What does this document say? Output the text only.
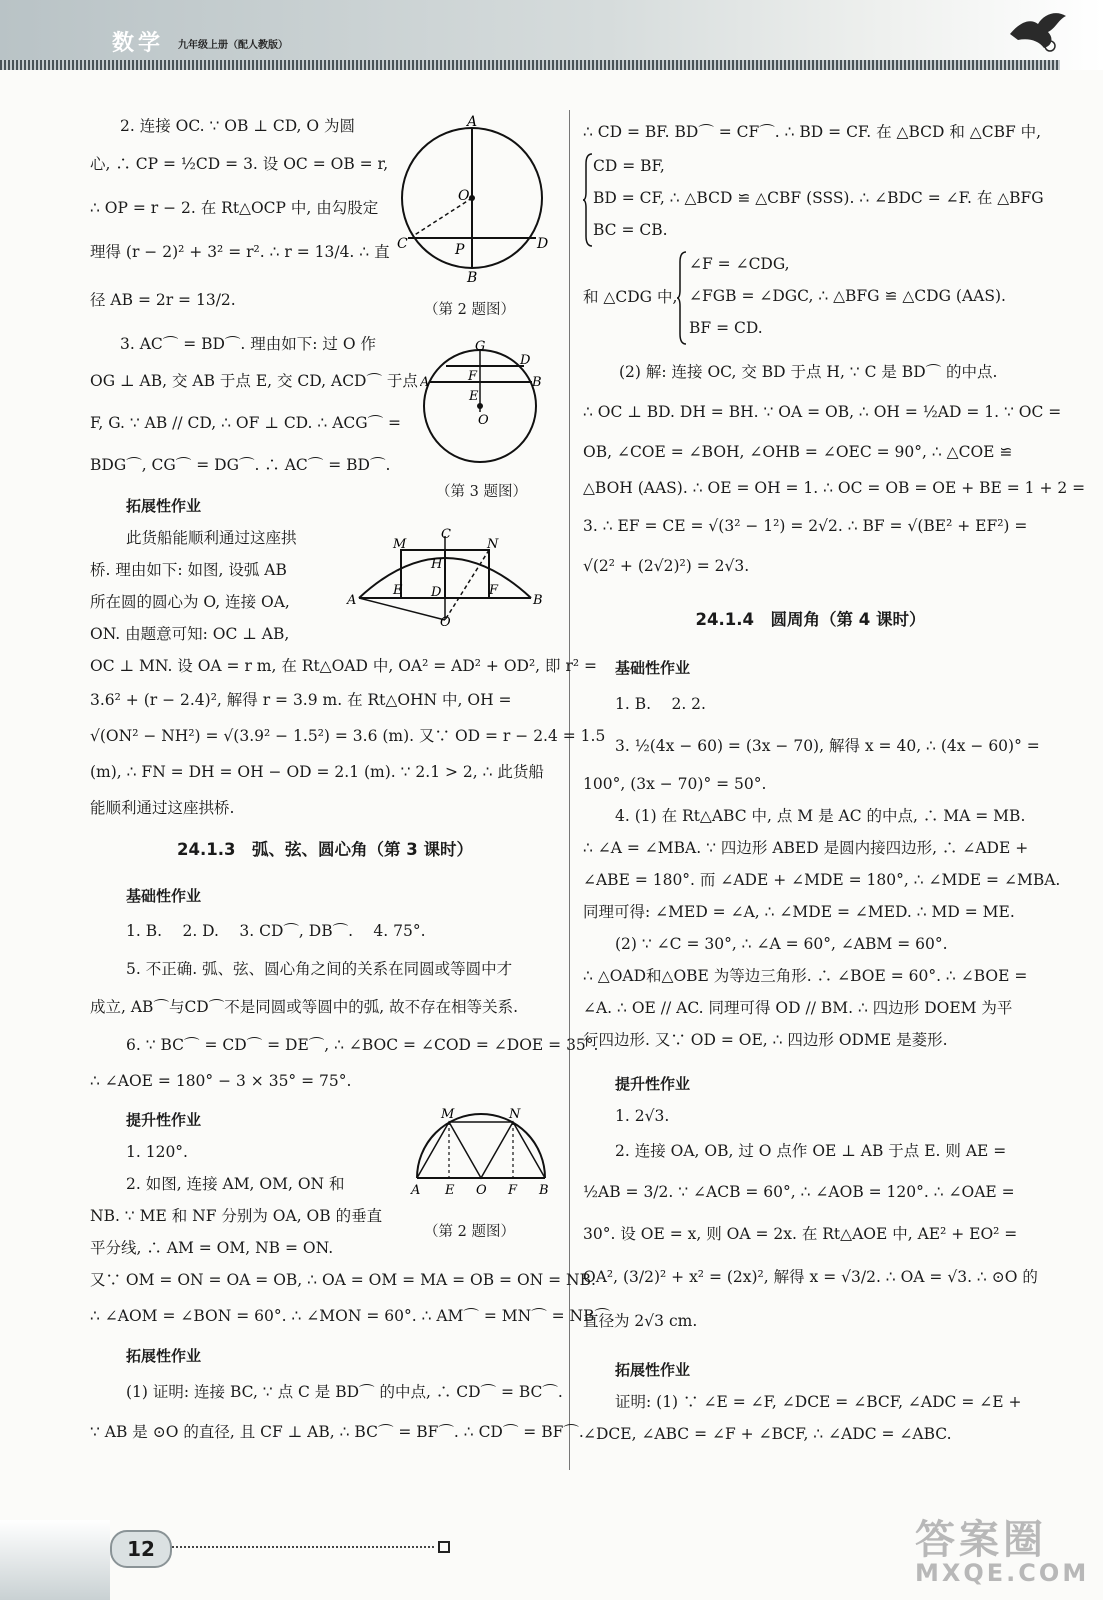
数学 九年级上册（配人教版）

2. 连接 OC. ∵ OB ⊥ CD, O 为圆

心, ∴ CP = ½CD = 3. 设 OC = OB = r,

∴ OP = r − 2. 在 Rt△OCP 中, 由勾股定

理得 (r − 2)² + 3² = r². ∴ r = 13/4. ∴ 直

径 AB = 2r = 13/2.

A
O
C	P	D
B
（第 2 题图）

3. AC⌒ = BD⌒. 理由如下: 过 O 作

OG ⊥ AB, 交 AB 于点 E, 交 CD, ACD⌒ 于点

F, G. ∵ AB // CD, ∴ OF ⊥ CD. ∴ ACG⌒ =

BDG⌒, CG⌒ = DG⌒. ∴ AC⌒ = BD⌒.

G
D
A	F	B
E
O
（第 3 题图）

拓展性作业

此货船能顺利通过这座拱

桥. 理由如下: 如图, 设弧 AB

所在圆的圆心为 O, 连接 OA,

ON. 由题意可知: OC ⊥ AB,

OC ⊥ MN. 设 OA = r m, 在 Rt△OAD 中, OA² = AD² + OD², 即 r² =

3.6² + (r − 2.4)², 解得 r = 3.9 m. 在 Rt△OHN 中, OH =

√(ON² − NH²) = √(3.9² − 1.5²) = 3.6 (m). 又∵ OD = r − 2.4 = 1.5

(m), ∴ FN = DH = OH − OD = 2.1 (m). ∵ 2.1 > 2, ∴ 此货船

能顺利通过这座拱桥.

M
C
N
H
A
E D	F
B
O
24.1.3　弧、弦、圆心角（第 3 课时）

基础性作业

1. B.　 2. D.　 3. CD⌒, DB⌒.　 4. 75°.

5. 不正确. 弧、弦、圆心角之间的关系在同圆或等圆中才

成立, AB⌒与CD⌒不是同圆或等圆中的弧, 故不存在相等关系.

6. ∵ BC⌒ = CD⌒ = DE⌒, ∴ ∠BOC = ∠COD = ∠DOE = 35°.

∴ ∠AOE = 180° − 3 × 35° = 75°.

提升性作业

1. 120°.

2. 如图, 连接 AM, OM, ON 和

NB. ∵ ME 和 NF 分别为 OA, OB 的垂直

平分线, ∴ AM = OM, NB = ON.

又∵ OM = ON = OA = OB, ∴ OA = OM = MA = OB = ON = NB.

∴ ∠AOM = ∠BON = 60°. ∴ ∠MON = 60°. ∴ AM⌒ = MN⌒ = NB⌒.

M	N
A E O F B
（第 2 题图）

拓展性作业

(1) 证明: 连接 BC, ∵ 点 C 是 BD⌒ 的中点, ∴ CD⌒ = BC⌒.

∵ AB 是 ⊙O 的直径, 且 CF ⊥ AB, ∴ BC⌒ = BF⌒. ∴ CD⌒ = BF⌒.

∴ CD = BF. BD⌒ = CF⌒. ∴ BD = CF. 在 △BCD 和 △CBF 中,

CD = BF,

BD = CF, ∴ △BCD ≌ △CBF (SSS). ∴ ∠BDC = ∠F. 在 △BFG

BC = CB.

和 △CDG 中,

∠F = ∠CDG,

∠FGB = ∠DGC, ∴ △BFG ≌ △CDG (AAS).

BF = CD.

(2) 解: 连接 OC, 交 BD 于点 H, ∵ C 是 BD⌒ 的中点.

∴ OC ⊥ BD. DH = BH. ∵ OA = OB, ∴ OH = ½AD = 1. ∵ OC =

OB, ∠COE = ∠BOH, ∠OHB = ∠OEC = 90°, ∴ △COE ≌

△BOH (AAS). ∴ OE = OH = 1. ∴ OC = OB = OE + BE = 1 + 2 =

3. ∴ EF = CE = √(3² − 1²) = 2√2. ∴ BF = √(BE² + EF²) =

√(2² + (2√2)²) = 2√3.

24.1.4　圆周角（第 4 课时）

基础性作业

1. B.　 2. 2.

3. ½(4x − 60) = (3x − 70), 解得 x = 40, ∴ (4x − 60)° =

100°, (3x − 70)° = 50°.

4. (1) 在 Rt△ABC 中, 点 M 是 AC 的中点, ∴ MA = MB.

∴ ∠A = ∠MBA. ∵ 四边形 ABED 是圆内接四边形, ∴ ∠ADE +

∠ABE = 180°. 而 ∠ADE + ∠MDE = 180°, ∴ ∠MDE = ∠MBA.

同理可得: ∠MED = ∠A, ∴ ∠MDE = ∠MED. ∴ MD = ME.

(2) ∵ ∠C = 30°, ∴ ∠A = 60°, ∠ABM = 60°.

∴ △OAD和△OBE 为等边三角形. ∴ ∠BOE = 60°. ∴ ∠BOE =

∠A. ∴ OE // AC. 同理可得 OD // BM. ∴ 四边形 DOEM 为平

行四边形. 又∵ OD = OE, ∴ 四边形 ODME 是菱形.

提升性作业

1. 2√3.

2. 连接 OA, OB, 过 O 点作 OE ⊥ AB 于点 E. 则 AE =

½AB = 3/2. ∵ ∠ACB = 60°, ∴ ∠AOB = 120°. ∴ ∠OAE =

30°. 设 OE = x, 则 OA = 2x. 在 Rt△AOE 中, AE² + EO² =

OA², (3/2)² + x² = (2x)², 解得 x = √3/2. ∴ OA = √3. ∴ ⊙O 的

直径为 2√3 cm.

拓展性作业

证明: (1) ∵ ∠E = ∠F, ∠DCE = ∠BCF, ∠ADC = ∠E +

∠DCE, ∠ABC = ∠F + ∠BCF, ∴ ∠ADC = ∠ABC.

12	答案圈
MXQE.COM
